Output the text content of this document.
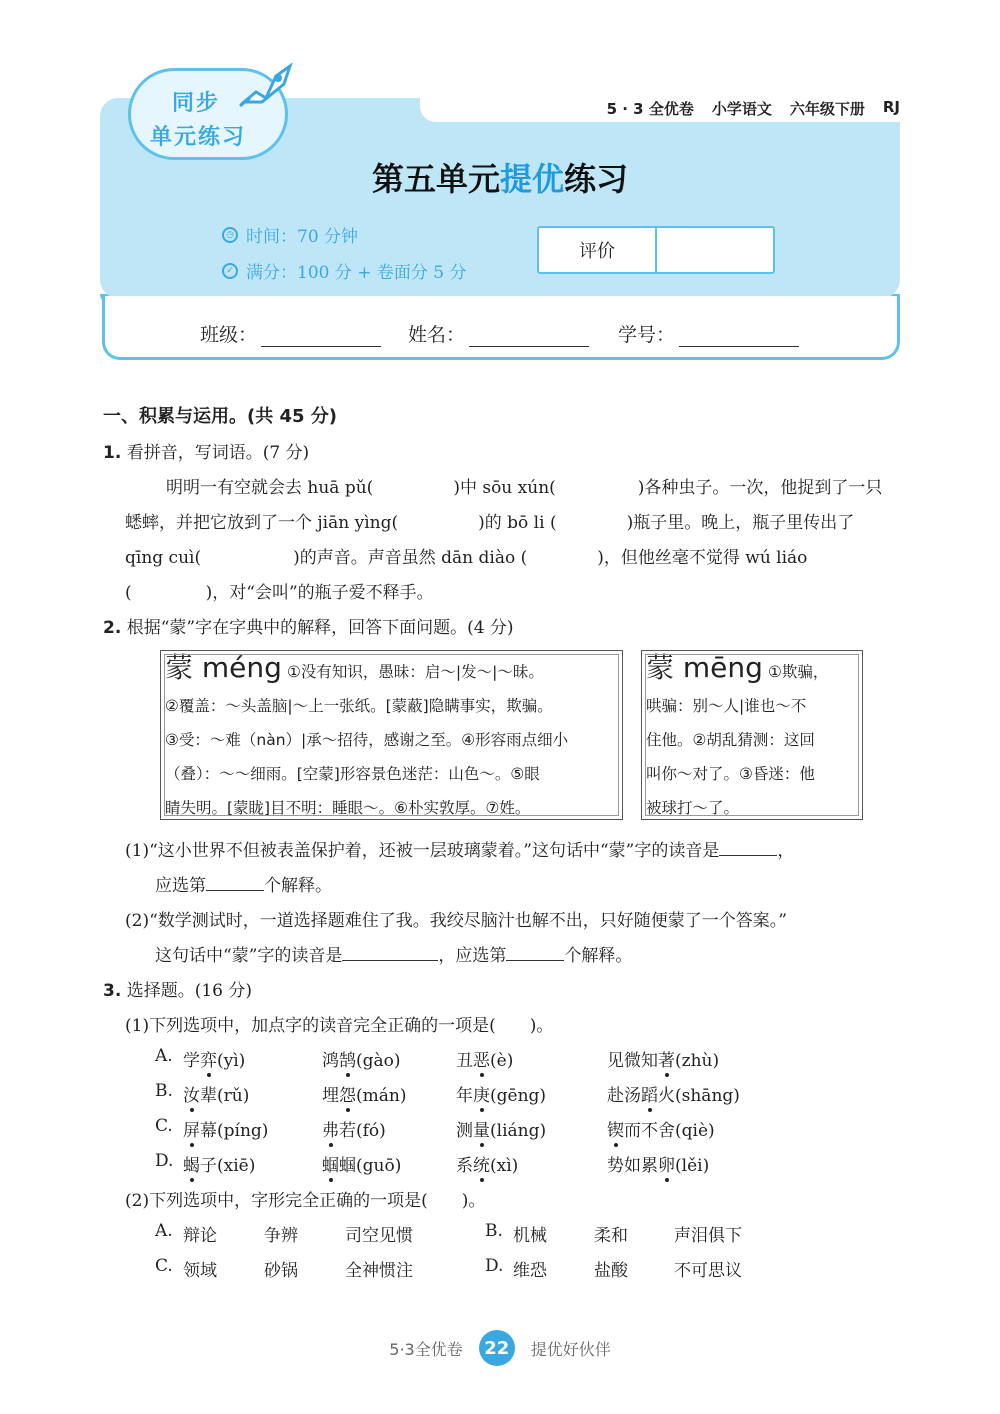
5 · 3 全优卷 小学语文 六年级下册 RJ
同步
单元练习
第五单元提优练习
◷ 时间：70 分钟
✓ 满分：100 分 + 卷面分 5 分
评价
班级：	姓名：	学号：
一、积累与运用。(共 45 分)
1. 看拼音，写词语。(7 分)
明明一有空就会去 huā pǔ(	)中 sōu xún(	)各种虫子。一次，他捉到了一只
蟋蟀，并把它放到了一个 jiān yìng(	)的 bō li (	)瓶子里。晚上，瓶子里传出了
qīng cuì(	)的声音。声音虽然 dān diào (	)，但他丝毫不觉得 wú liáo
(	)，对“会叫”的瓶子爱不释手。
2. 根据“蒙”字在字典中的解释，回答下面问题。(4 分)
蒙 méng ①没有知识，愚昧：启～|发～|～昧。
②覆盖：～头盖脑|～上一张纸。[蒙蔽]隐瞒事实，欺骗。
③受：～难（nàn）|承～招待，感谢之至。④形容雨点细小
（叠）：～～细雨。[空蒙]形容景色迷茫：山色～。⑤眼
睛失明。[蒙眬]目不明：睡眼～。⑥朴实敦厚。⑦姓。
蒙 mēng ①欺骗，
哄骗：别～人|谁也～不
住他。②胡乱猜测：这回
叫你～对了。③昏迷：他
被球打～了。
(1)“这小世界不但被表盖保护着，还被一层玻璃蒙着。”这句话中“蒙”字的读音是	，
应选第	个解释。
(2)“数学测试时，一道选择题难住了我。我绞尽脑汁也解不出，只好随便蒙了一个答案。”
这句话中“蒙”字的读音是	，应选第	个解释。
3. 选择题。(16 分)
(1)下列选项中，加点字的读音完全正确的一项是(　　)。
A. 学弈(yì)	鸿鹄(gào)	丑恶(è)	见微知著(zhù)
B. 汝辈(rǔ)	埋怨(mán)	年庚(gēng)	赴汤蹈火(shāng)
C. 屏幕(píng)	弗若(fó)	测量(liáng)	锲而不舍(qiè)
D. 蝎子(xiē)	蝈蝈(guō)	系统(xì)	势如累卵(lěi)
(2)下列选项中，字形完全正确的一项是(　　)。
A. 辩论	争辨	司空见惯	B. 机械	柔和	声泪俱下
C. 领域	砂锅	全神惯注	D. 维恐	盐酸	不可思议
5·3全优卷	22	提优好伙伴
